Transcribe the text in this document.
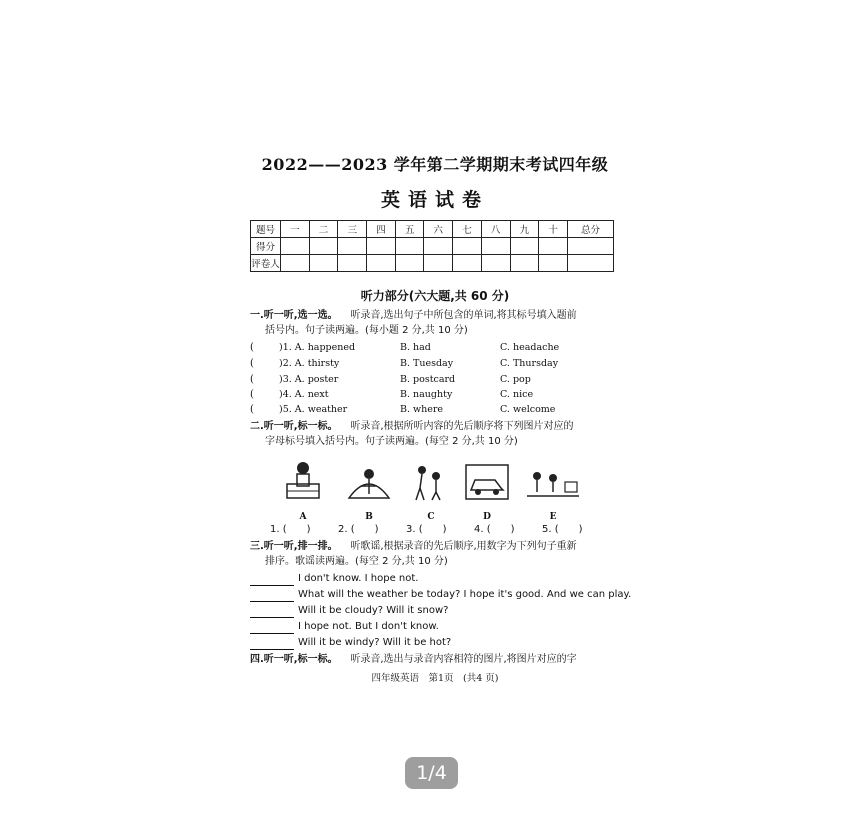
2022——2023 学年第二学期期末考试四年级
英语试卷
题号	一	二	三	四	五	六	七	八	九	十	总分
得分											
评卷人											
听力部分(六大题,共 60 分)
一.听一听,选一选。 听录音,选出句子中所包含的单词,将其标号填入题前
括号内。句子读两遍。(每小题 2 分,共 10 分)
(	)1. A. happened	B. had	C. headache
(	)2. A. thirsty	B. Tuesday	C. Thursday
(	)3. A. poster	B. postcard	C. pop
(	)4. A. next	B. naughty	C. nice
(	)5. A. weather	B. where	C. welcome
二.听一听,标一标。 听录音,根据所听内容的先后顺序将下列图片对应的
字母标号填入括号内。句子读两遍。(每空 2 分,共 10 分)
A	B	C	D	E
1. (　　)	2. (　　)	3. (　　)	4. (　　)	5. (　　)
三.听一听,排一排。 听歌谣,根据录音的先后顺序,用数字为下列句子重新
排序。歌谣读两遍。(每空 2 分,共 10 分)
I don't know. I hope not.
What will the weather be today? I hope it's good. And we can play.
Will it be cloudy? Will it snow?
I hope not. But I don't know.
Will it be windy? Will it be hot?
四.听一听,标一标。 听录音,选出与录音内容相符的图片,将图片对应的字
四年级英语　第1页　(共4 页)
1/4
